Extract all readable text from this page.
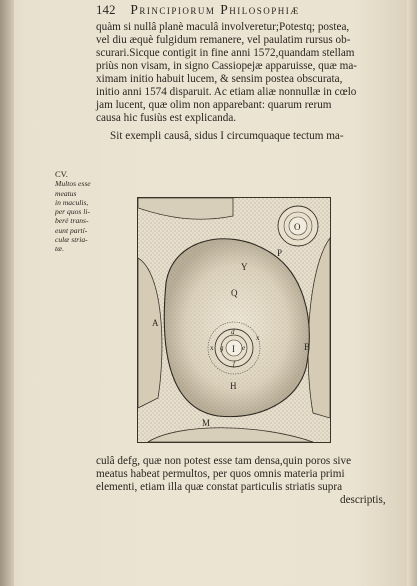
142 Principiorum Philosophiæ
quàm si nullâ planè maculâ involveretur;Potestq; postea,
vel diu æquè fulgidum remanere, vel paulatim rursus ob-
scurari.Sicque contigit in fine anni 1572,quandam stellam
priùs non visam, in signo Cassiopejæ apparuisse, quæ ma-
ximam initio habuit lucem, & sensim postea obscurata,
initio anni 1574 disparuit. Ac etiam aliæ nonnullæ in cœlo
jam lucent, quæ olim non apparebant: quarum rerum
causa hic fusiùs est explicanda.
Sit exempli causâ, sidus I circumquaque tectum ma-
CV.
Multos esse
meatus
in maculis,
per quos li-
berè trans-
eunt partí-
culæ stria-
tæ.
O
P
Y
Q
A
B
H
M
I
d
e
f
g
x
x
culâ defg, quæ non potest esse tam densa,quin poros sive
meatus habeat permultos, per quos omnis materia primi
elementi, etiam illa quæ constat particulis striatis supra
descriptis,
